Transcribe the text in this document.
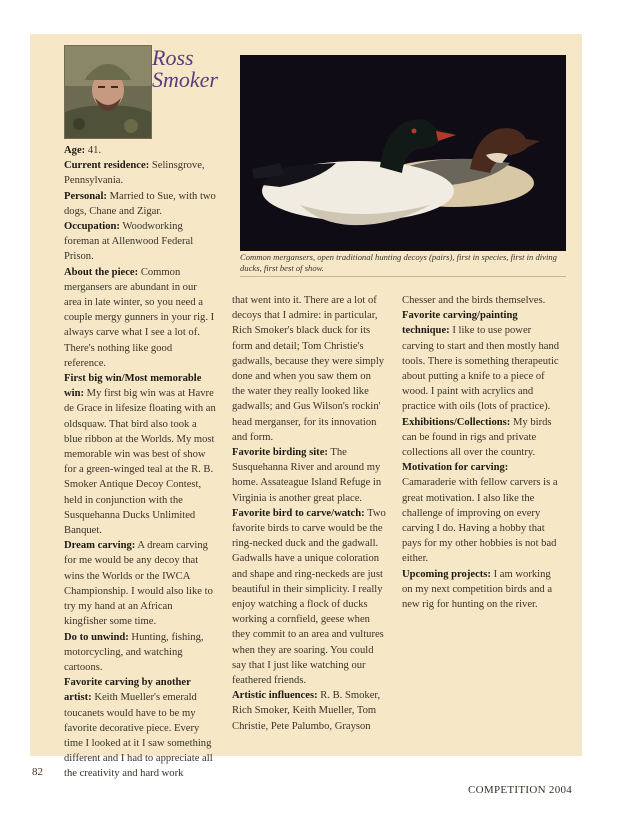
Ross
Smoker
Common mergansers, open traditional hunting decoys (pairs), first in species, first in diving ducks, first best of show.

Age: 41.

Current residence: Selinsgrove, Pennsylvania.

Personal: Married to Sue, with two dogs, Chane and Zigar.

Occupation: Woodworking foreman at Allenwood Federal Prison.

About the piece: Common mergansers are abundant in our area in late winter, so you need a couple mergy gunners in your rig. I always carve what I see a lot of. There's nothing like good reference.

First big win/Most memorable win: My first big win was at Havre de Grace in lifesize floating with an oldsquaw. That bird also took a blue ribbon at the Worlds. My most memorable win was best of show for a green-winged teal at the R. B. Smoker Antique Decoy Contest, held in conjunction with the Susquehanna Ducks Unlimited Banquet.

Dream carving: A dream carving for me would be any decoy that wins the Worlds or the IWCA Championship. I would also like to try my hand at an African kingfisher some time.

Do to unwind: Hunting, fishing, motorcycling, and watching cartoons.

Favorite carving by another artist: Keith Mueller's emerald toucanets would have to be my favorite decorative piece. Every time I looked at it I saw something different and I had to appreciate all the creativity and hard work

that went into it. There are a lot of decoys that I admire: in particular, Rich Smoker's black duck for its form and detail; Tom Christie's gadwalls, because they were simply done and when you saw them on the water they really looked like gadwalls; and Gus Wilson's rockin' head merganser, for its innovation and form.

Favorite birding site: The Susquehanna River and around my home. Assateague Island Refuge in Virginia is another great place.

Favorite bird to carve/watch: Two favorite birds to carve would be the ring-necked duck and the gadwall. Gadwalls have a unique coloration and shape and ring-neckeds are just beautiful in their simplicity. I really enjoy watching a flock of ducks working a cornfield, geese when they commit to an area and vultures when they are soaring. You could say that I just like watching our feathered friends.

Artistic influences: R. B. Smoker, Rich Smoker, Keith Mueller, Tom Christie, Pete Palumbo, Grayson

Chesser and the birds themselves.

Favorite carving/painting technique: I like to use power carving to start and then mostly hand tools. There is something therapeutic about putting a knife to a piece of wood. I paint with acrylics and practice with oils (lots of practice).

Exhibitions/Collections: My birds can be found in rigs and private collections all over the country.

Motivation for carving: Camaraderie with fellow carvers is a great motivation. I also like the challenge of improving on every carving I do. Having a hobby that pays for my other hobbies is not bad either.

Upcoming projects: I am working on my next competition birds and a new rig for hunting on the river.

82
COMPETITION 2004
